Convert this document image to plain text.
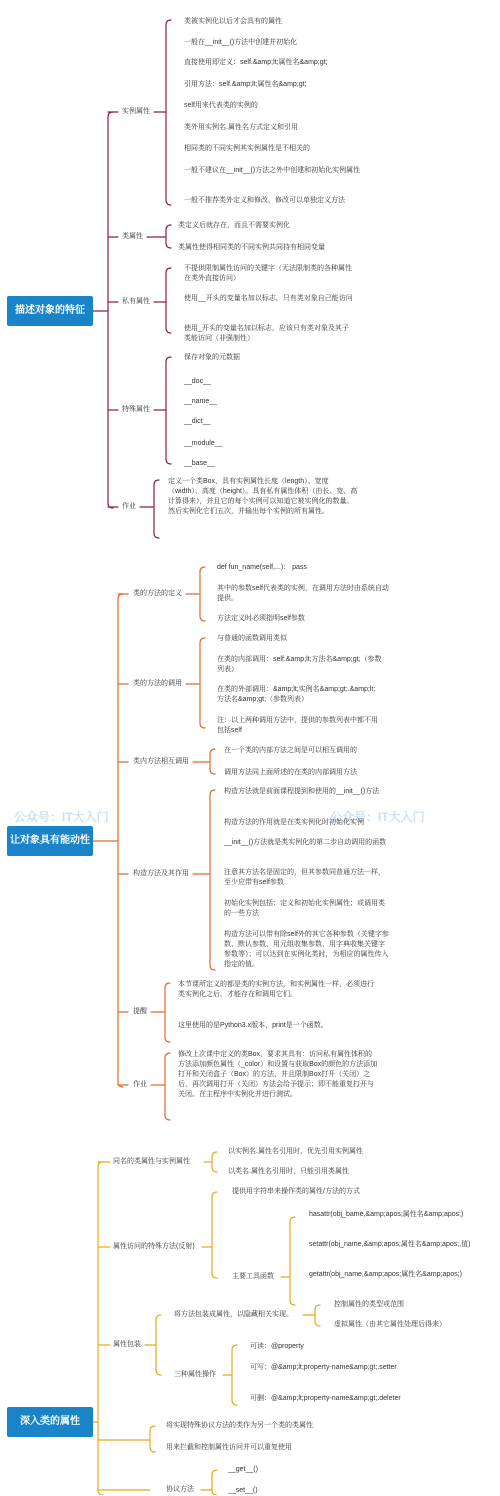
描述对象的特征
实例属性
类被实例化以后才会具有的属性
一般在__init__()方法中创建并初始化
直接使用即定义：self.&amp;lt;属性名&amp;gt;
引用方法：self.&amp;lt;属性名&amp;gt;
self用来代表类的实例的
类外用实例名.属性名方式定义和引用
相同类的不同实例其实例属性是不相关的
一般不建议在__init__()方法之外中创建和初始化实例属性
一般不推荐类外定义和修改，修改可以单独定义方法
类属性
类定义后就存在，而且不需要实例化
类属性使得相同类的不同实例共同持有相同变量
私有属性
不提供限制属性访问的关键字（无法限制类的各种属性在类外直接访问）
使用__开头的变量名加以标志，只有类对象自己能访问
使用_开头的变量名加以标志，应该只有类对象及其子类能访问（非强制性）
特殊属性
保存对象的元数据
__doc__
__name__
__dict__
__module__
__base__
作业
定义一个类Box，具有实例属性长度（length）、宽度（width）、高度（height）。具有私有属性体积（由长、宽、高计算得来），并且它的每个实例可以知道它被实例化的数量。然后实例化它们五次，并输出每个实例的所有属性。
公众号：IT大入门	公众号：IT大入门
让对象具有能动性
类的方法的定义
def fun_name(self,...)： pass
其中的参数self代表类的实例，在调用方法时由系统自动提供。
方法定义时必须指明self参数
类的方法的调用
与普通的函数调用类似
在类的内部调用：self.&amp;lt;方法名&amp;gt;（参数列表）
在类的外部调用：&amp;lt;实例名&amp;gt;.&amp;lt;方法名&amp;gt;（参数列表）
注：以上两种调用方法中，提供的参数列表中都不用包括self
类内方法相互调用
在一个类的内部方法之间是可以相互调用的
调用方法同上面所述的在类的内部调用方法
构造方法及其作用
构造方法就是前面课程提到和使用的__init__()方法
构造方法的作用就是在类实例化时初始化实例
__init__()方法就是类实例化的第二步自动调用的函数
注意其方法名是固定的，但其参数同普通方法一样，至少应带有self参数
初始化实例包括：定义和初始化实例属性；或调用类的一些方法
构造方法可以带有除self外的其它各种参数（关键字参数、默认参数、用元组收集参数、用字典收集关键字参数等）；可以达到在实例化类时，为相应的属性传入指定的值。
提醒
本节课所定义的都是类的实例方法，和实例属性一样，必须进行类实例化之后，才能存在和调用它们。
这里使用的是Python3.x版本，print是一个函数。
作业
修改上次课中定义的类Box，要求其具有：访问私有属性体积的方法添加颜色属性（_color）和设置与获取Box的颜色的方法添加打开和关闭盒子（Box）的方法，并且限制Box打开（关闭）之后，再次调用打开（关闭）方法会给予提示；即不能重复打开与关闭。在主程序中实例化并进行测试。
深入类的属性
同名的类属性与实例属性
以实例名.属性名引用时，优先引用实例属性
以类名.属性名引用时，只能引用类属性
属性访问的特殊方法(反射)
提供用字符串来操作类的属性/方法的方式
主要工具函数
hasattr(obj_bame,&amp;apos;属性名&amp;apos;)
setattr(obj_name,&amp;apos;属性名&amp;apos;,值)
getattr(obj_name,&amp;apos;属性名&amp;apos;)
属性包装
将方法包装成属性，以隐藏相关实现。
控制属性的类型或范围
虚拟属性（由其它属性处理后得来）
三种属性操作
可读：@property
可写：@&amp;lt;property-name&amp;gt;.setter
可删：@&amp;lt;property-name&amp;gt;.deleter
将实现特殊协议方法的类作为另一个类的类属性
用来拦截和控制属性访问并可以重复使用
协议方法
__get__()
__set__()
